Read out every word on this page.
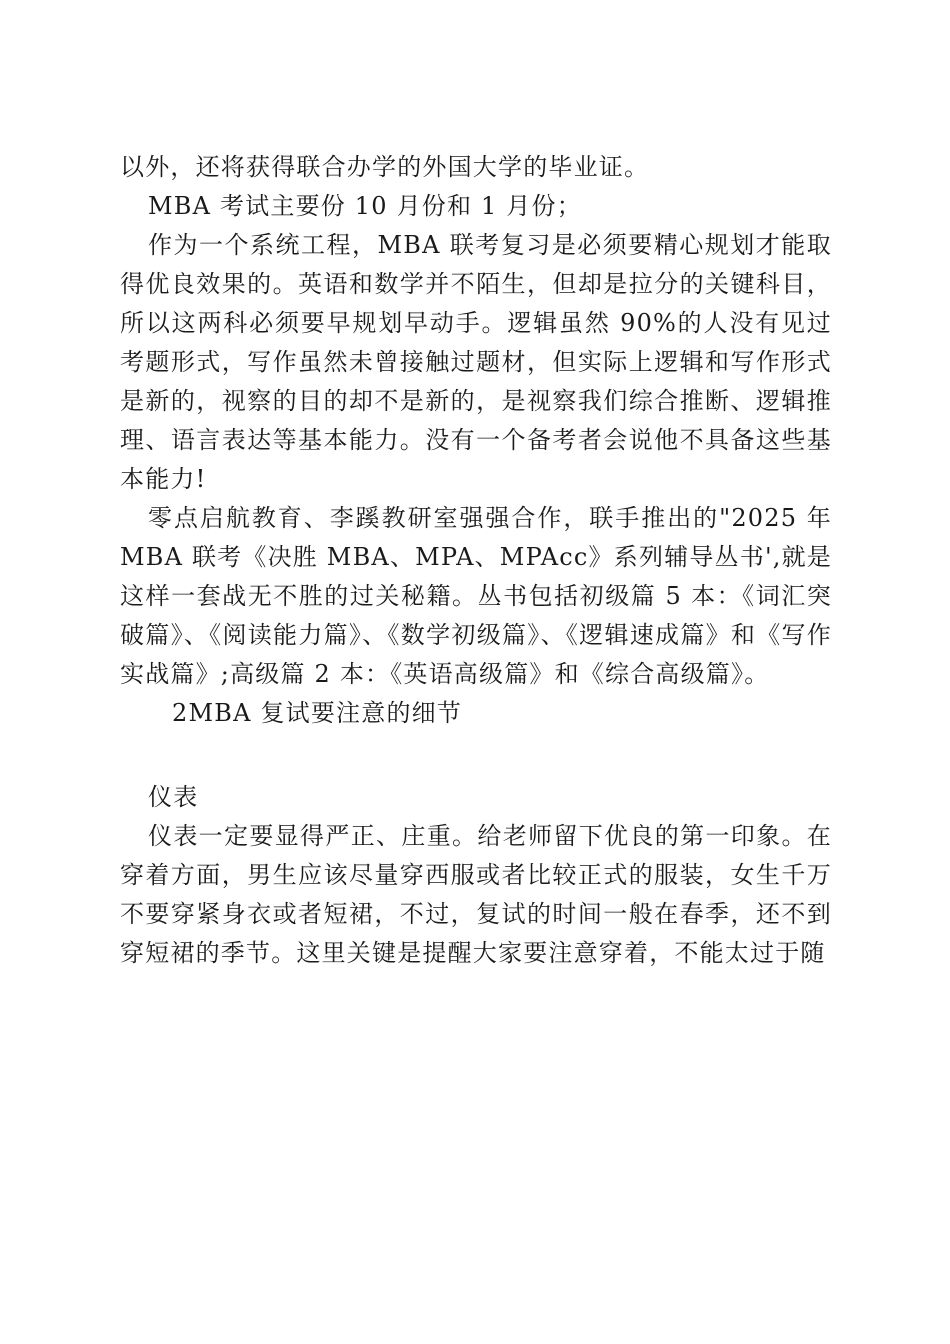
以外，还将获得联合办学的外国大学的毕业证。

MBA 考试主要份 10 月份和 1 月份；

作为一个系统工程，MBA 联考复习是必须要精心规划才能取得优良效果的。英语和数学并不陌生，但却是拉分的关键科目，所以这两科必须要早规划早动手。逻辑虽然 90%的人没有见过考题形式，写作虽然未曾接触过题材，但实际上逻辑和写作形式是新的，视察的目的却不是新的，是视察我们综合推断、逻辑推理、语言表达等基本能力。没有一个备考者会说他不具备这些基本能力!

零点启航教育、李蹊教研室强强合作，联手推出的"2025 年 MBA 联考《决胜 MBA、MPA、MPAcc》系列辅导丛书',就是这样一套战无不胜的过关秘籍。丛书包括初级篇 5 本：《词汇突破篇》、《阅读能力篇》、《数学初级篇》、《逻辑速成篇》和《写作实战篇》;高级篇 2 本：《英语高级篇》和《综合高级篇》。

2MBA 复试要注意的细节

仪表

仪表一定要显得严正、庄重。给老师留下优良的第一印象。在穿着方面，男生应该尽量穿西服或者比较正式的服装，女生千万不要穿紧身衣或者短裙，不过，复试的时间一般在春季，还不到穿短裙的季节。这里关键是提醒大家要注意穿着，不能太过于随
